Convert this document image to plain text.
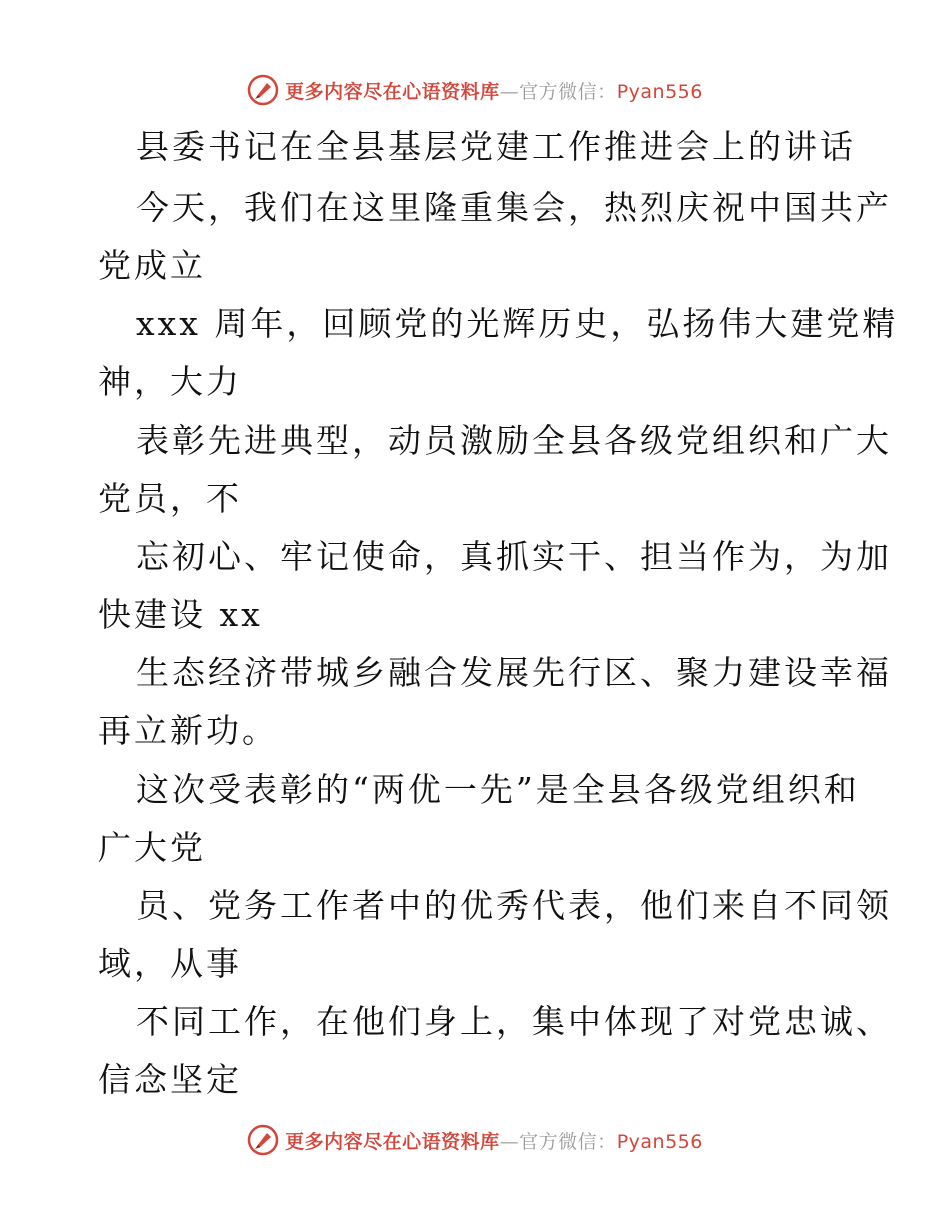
更多内容尽在心语资料库—官方微信：Pyan556
县委书记在全县基层党建工作推进会上的讲话
今天，我们在这里隆重集会，热烈庆祝中国共产
党成立
xxx 周年，回顾党的光辉历史，弘扬伟大建党精
神，大力
表彰先进典型，动员激励全县各级党组织和广大
党员，不
忘初心、牢记使命，真抓实干、担当作为，为加
快建设 xx
生态经济带城乡融合发展先行区、聚力建设幸福
再立新功。
这次受表彰的“两优一先”是全县各级党组织和
广大党
员、党务工作者中的优秀代表，他们来自不同领
域，从事
不同工作，在他们身上，集中体现了对党忠诚、
信念坚定
更多内容尽在心语资料库—官方微信：Pyan556
